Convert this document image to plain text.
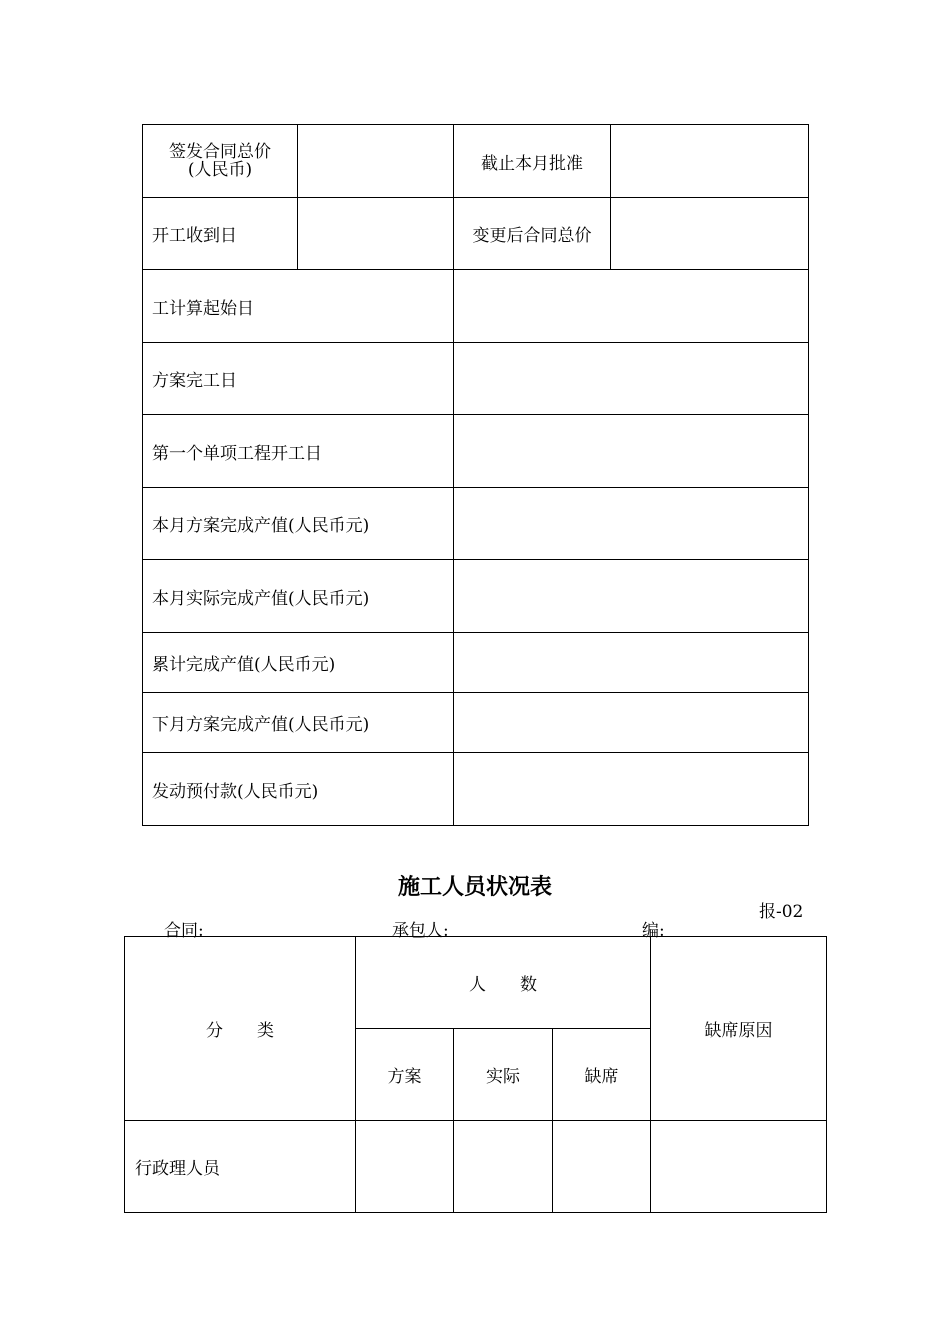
签发合同总价
(人民币)		截止本月批准	
开工收到日		变更后合同总价	
工计算起始日			
方案完工日			
第一个单项工程开工日			
本月方案完成产值(人民币元)			
本月实际完成产值(人民币元)			
累计完成产值(人民币元)			
下月方案完成产值(人民币元)			
发动预付款(人民币元)			
施工人员状况表
报-02
合同:	承包人:	编:
分　　类	人　　数			缺席原因
	方案	实际	缺席	
行政理人员				
